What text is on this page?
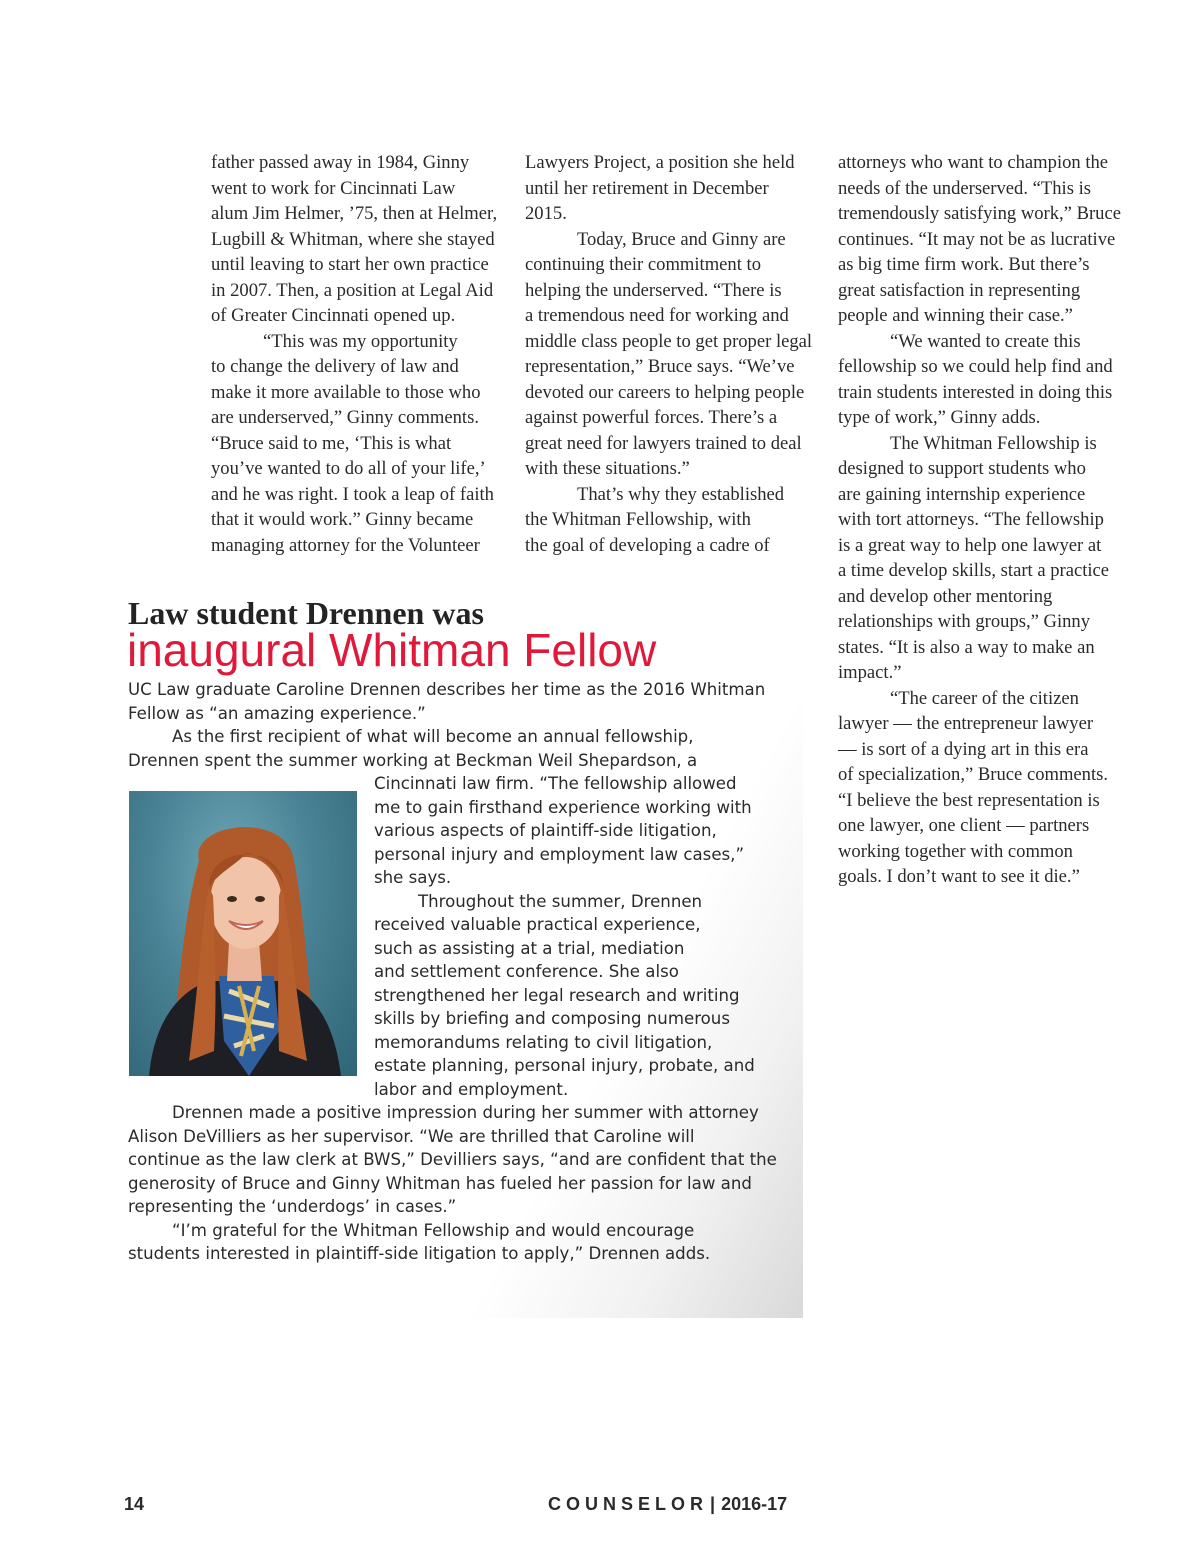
father passed away in 1984, Ginny
went to work for Cincinnati Law
alum Jim Helmer, ’75, then at Helmer,
Lugbill & Whitman, where she stayed
until leaving to start her own practice
in 2007. Then, a position at Legal Aid
of Greater Cincinnati opened up.
“This was my opportunity
to change the delivery of law and
make it more available to those who
are underserved,” Ginny comments.
“Bruce said to me, ‘This is what
you’ve wanted to do all of your life,’
and he was right. I took a leap of faith
that it would work.” Ginny became
managing attorney for the Volunteer
Lawyers Project, a position she held
until her retirement in December
2015.
Today, Bruce and Ginny are
continuing their commitment to
helping the underserved. “There is
a tremendous need for working and
middle class people to get proper legal
representation,” Bruce says. “We’ve
devoted our careers to helping people
against powerful forces. There’s a
great need for lawyers trained to deal
with these situations.”
That’s why they established
the Whitman Fellowship, with
the goal of developing a cadre of
attorneys who want to champion the
needs of the underserved. “This is
tremendously satisfying work,” Bruce
continues. “It may not be as lucrative
as big time firm work. But there’s
great satisfaction in representing
people and winning their case.”
“We wanted to create this
fellowship so we could help find and
train students interested in doing this
type of work,” Ginny adds.
The Whitman Fellowship is
designed to support students who
are gaining internship experience
with tort attorneys. “The fellowship
is a great way to help one lawyer at
a time develop skills, start a practice
and develop other mentoring
relationships with groups,” Ginny
states. “It is also a way to make an
impact.”
“The career of the citizen
lawyer — the entrepreneur lawyer
— is sort of a dying art in this era
of specialization,” Bruce comments.
“I believe the best representation is
one lawyer, one client — partners
working together with common
goals. I don’t want to see it die.”
Law student Drennen was
inaugural Whitman Fellow
UC Law graduate Caroline Drennen describes her time as the 2016 Whitman
Fellow as “an amazing experience.”
As the first recipient of what will become an annual fellowship,
Drennen spent the summer working at Beckman Weil Shepardson, a
Cincinnati law firm. “The fellowship allowed
me to gain firsthand experience working with
various aspects of plaintiff-side litigation,
personal injury and employment law cases,”
she says.
Throughout the summer, Drennen
received valuable practical experience,
such as assisting at a trial, mediation
and settlement conference. She also
strengthened her legal research and writing
skills by briefing and composing numerous
memorandums relating to civil litigation,
estate planning, personal injury, probate, and
labor and employment.
Drennen made a positive impression during her summer with attorney
Alison DeVilliers as her supervisor. “We are thrilled that Caroline will
continue as the law clerk at BWS,” Devilliers says, “and are confident that the
generosity of Bruce and Ginny Whitman has fueled her passion for law and
representing the ‘underdogs’ in cases.”
“I’m grateful for the Whitman Fellowship and would encourage
students interested in plaintiff-side litigation to apply,” Drennen adds.
14	COUNSELOR | 2016-17
